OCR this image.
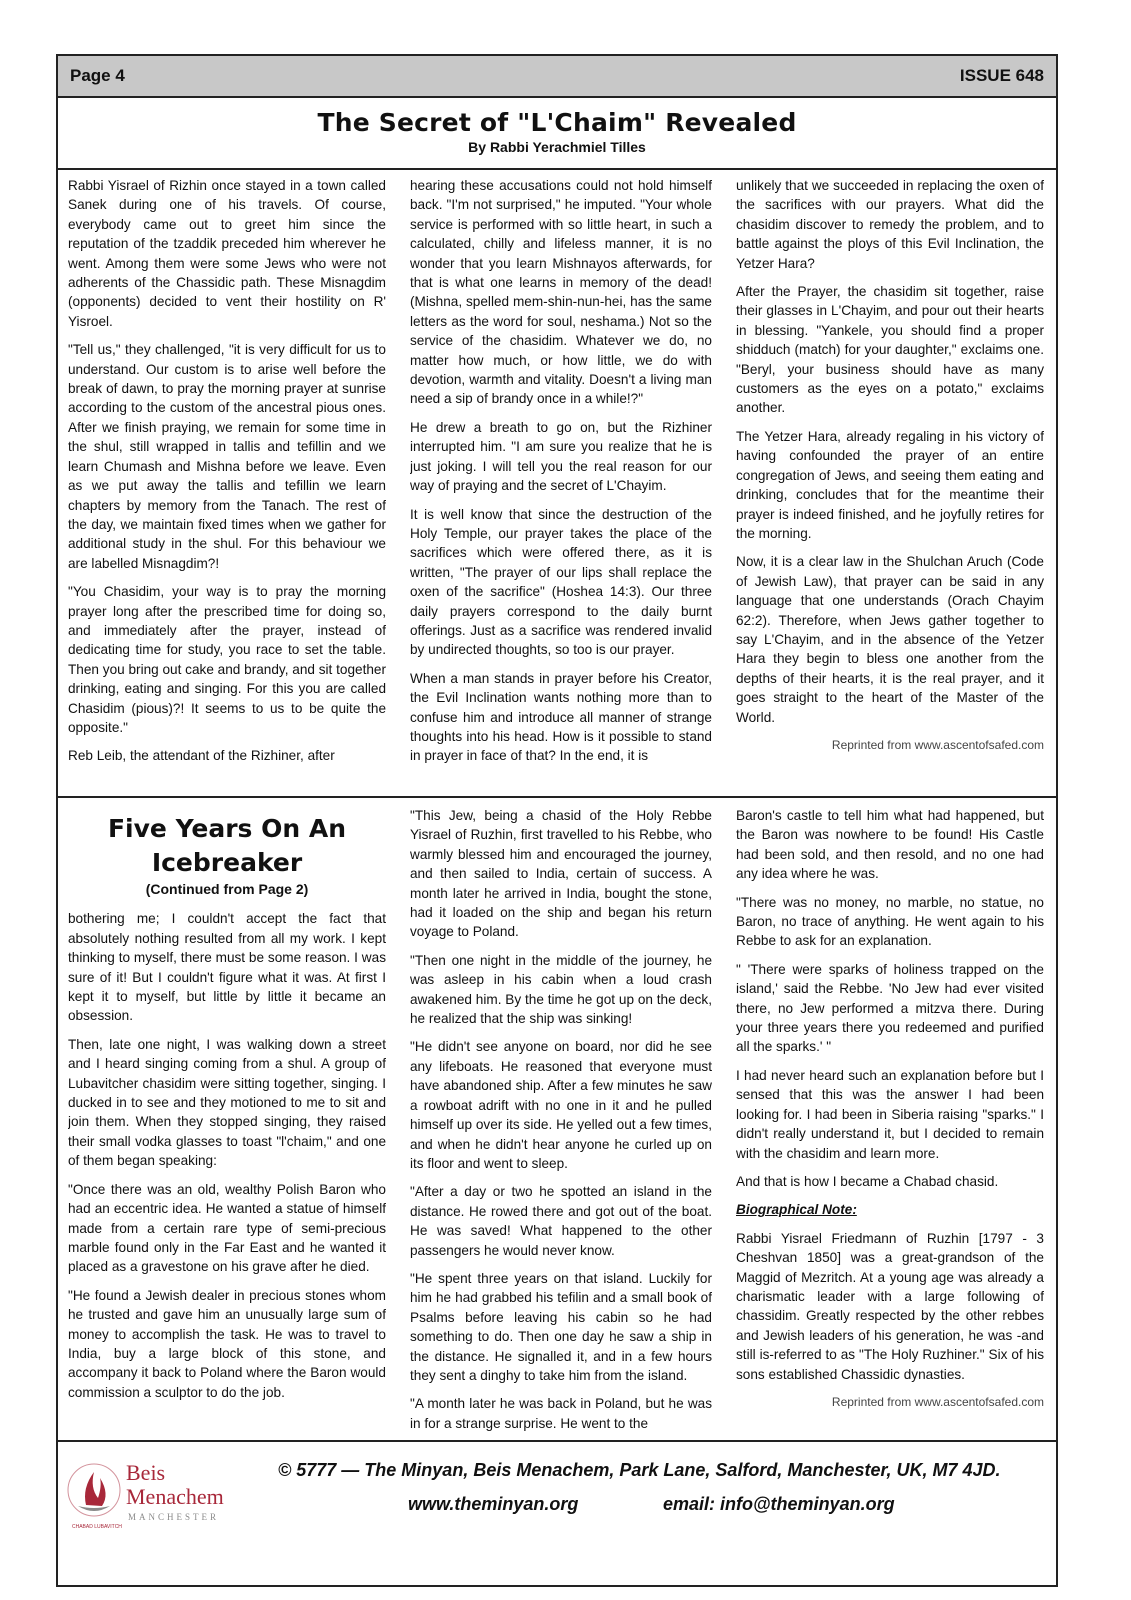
Page 4	ISSUE 648
The Secret of "L'Chaim" Revealed
By Rabbi Yerachmiel Tilles

Rabbi Yisrael of Rizhin once stayed in a town called Sanek during one of his travels. Of course, everybody came out to greet him since the reputation of the tzaddik preceded him wherever he went. Among them were some Jews who were not adherents of the Chassidic path. These Misnagdim (opponents) decided to vent their hostility on R' Yisroel.

"Tell us," they challenged, "it is very difficult for us to understand. Our custom is to arise well before the break of dawn, to pray the morning prayer at sunrise according to the custom of the ancestral pious ones. After we finish praying, we remain for some time in the shul, still wrapped in tallis and tefillin and we learn Chumash and Mishna before we leave. Even as we put away the tallis and tefillin we learn chapters by memory from the Tanach. The rest of the day, we maintain fixed times when we gather for additional study in the shul. For this behaviour we are labelled Misnagdim?!

"You Chasidim, your way is to pray the morning prayer long after the prescribed time for doing so, and immediately after the prayer, instead of dedicating time for study, you race to set the table. Then you bring out cake and brandy, and sit together drinking, eating and singing. For this you are called Chasidim (pious)?! It seems to us to be quite the opposite."

Reb Leib, the attendant of the Rizhiner, after

hearing these accusations could not hold himself back. "I'm not surprised," he imputed. "Your whole service is performed with so little heart, in such a calculated, chilly and lifeless manner, it is no wonder that you learn Mishnayos afterwards, for that is what one learns in memory of the dead! (Mishna, spelled mem-shin-nun-hei, has the same letters as the word for soul, neshama.) Not so the service of the chasidim. Whatever we do, no matter how much, or how little, we do with devotion, warmth and vitality. Doesn't a living man need a sip of brandy once in a while!?"

He drew a breath to go on, but the Rizhiner interrupted him. "I am sure you realize that he is just joking. I will tell you the real reason for our way of praying and the secret of L'Chayim.

It is well know that since the destruction of the Holy Temple, our prayer takes the place of the sacrifices which were offered there, as it is written, "The prayer of our lips shall replace the oxen of the sacrifice" (Hoshea 14:3). Our three daily prayers correspond to the daily burnt offerings. Just as a sacrifice was rendered invalid by undirected thoughts, so too is our prayer.

When a man stands in prayer before his Creator, the Evil Inclination wants nothing more than to confuse him and introduce all manner of strange thoughts into his head. How is it possible to stand in prayer in face of that? In the end, it is

unlikely that we succeeded in replacing the oxen of the sacrifices with our prayers. What did the chasidim discover to remedy the problem, and to battle against the ploys of this Evil Inclination, the Yetzer Hara?

After the Prayer, the chasidim sit together, raise their glasses in L'Chayim, and pour out their hearts in blessing. "Yankele, you should find a proper shidduch (match) for your daughter," exclaims one. "Beryl, your business should have as many customers as the eyes on a potato," exclaims another.

The Yetzer Hara, already regaling in his victory of having confounded the prayer of an entire congregation of Jews, and seeing them eating and drinking, concludes that for the meantime their prayer is indeed finished, and he joyfully retires for the morning.

Now, it is a clear law in the Shulchan Aruch (Code of Jewish Law), that prayer can be said in any language that one understands (Orach Chayim 62:2). Therefore, when Jews gather together to say L'Chayim, and in the absence of the Yetzer Hara they begin to bless one another from the depths of their hearts, it is the real prayer, and it goes straight to the heart of the Master of the World.

Reprinted from www.ascentofsafed.com
Five Years On An
Icebreaker
(Continued from Page 2)

bothering me; I couldn't accept the fact that absolutely nothing resulted from all my work. I kept thinking to myself, there must be some reason. I was sure of it! But I couldn't figure what it was. At first I kept it to myself, but little by little it became an obsession.

Then, late one night, I was walking down a street and I heard singing coming from a shul. A group of Lubavitcher chasidim were sitting together, singing. I ducked in to see and they motioned to me to sit and join them. When they stopped singing, they raised their small vodka glasses to toast "l'chaim," and one of them began speaking:

"Once there was an old, wealthy Polish Baron who had an eccentric idea. He wanted a statue of himself made from a certain rare type of semi-precious marble found only in the Far East and he wanted it placed as a gravestone on his grave after he died.

"He found a Jewish dealer in precious stones whom he trusted and gave him an unusually large sum of money to accomplish the task. He was to travel to India, buy a large block of this stone, and accompany it back to Poland where the Baron would commission a sculptor to do the job.

"This Jew, being a chasid of the Holy Rebbe Yisrael of Ruzhin, first travelled to his Rebbe, who warmly blessed him and encouraged the journey, and then sailed to India, certain of success. A month later he arrived in India, bought the stone, had it loaded on the ship and began his return voyage to Poland.

"Then one night in the middle of the journey, he was asleep in his cabin when a loud crash awakened him. By the time he got up on the deck, he realized that the ship was sinking!

"He didn't see anyone on board, nor did he see any lifeboats. He reasoned that everyone must have abandoned ship. After a few minutes he saw a rowboat adrift with no one in it and he pulled himself up over its side. He yelled out a few times, and when he didn't hear anyone he curled up on its floor and went to sleep.

"After a day or two he spotted an island in the distance. He rowed there and got out of the boat. He was saved! What happened to the other passengers he would never know.

"He spent three years on that island. Luckily for him he had grabbed his tefilin and a small book of Psalms before leaving his cabin so he had something to do. Then one day he saw a ship in the distance. He signalled it, and in a few hours they sent a dinghy to take him from the island.

"A month later he was back in Poland, but he was in for a strange surprise. He went to the

Baron's castle to tell him what had happened, but the Baron was nowhere to be found! His Castle had been sold, and then resold, and no one had any idea where he was.

"There was no money, no marble, no statue, no Baron, no trace of anything. He went again to his Rebbe to ask for an explanation.

" 'There were sparks of holiness trapped on the island,' said the Rebbe. 'No Jew had ever visited there, no Jew performed a mitzva there. During your three years there you redeemed and purified all the sparks.' "

I had never heard such an explanation before but I sensed that this was the answer I had been looking for. I had been in Siberia raising "sparks." I didn't really understand it, but I decided to remain with the chasidim and learn more.

And that is how I became a Chabad chasid.

Biographical Note:

Rabbi Yisrael Friedmann of Ruzhin [1797 - 3 Cheshvan 1850] was a great-grandson of the Maggid of Mezritch. At a young age was already a charismatic leader with a large following of chassidim. Greatly respected by the other rebbes and Jewish leaders of his generation, he was -and still is-referred to as "The Holy Ruzhiner." Six of his sons established Chassidic dynasties.

Reprinted from www.ascentofsafed.com
Beis
Menachem
MANCHESTER
CHABAD LUBAVITCH
© 5777 — The Minyan, Beis Menachem, Park Lane, Salford, Manchester, UK, M7 4JD.
www.theminyan.org	email: info@theminyan.org
